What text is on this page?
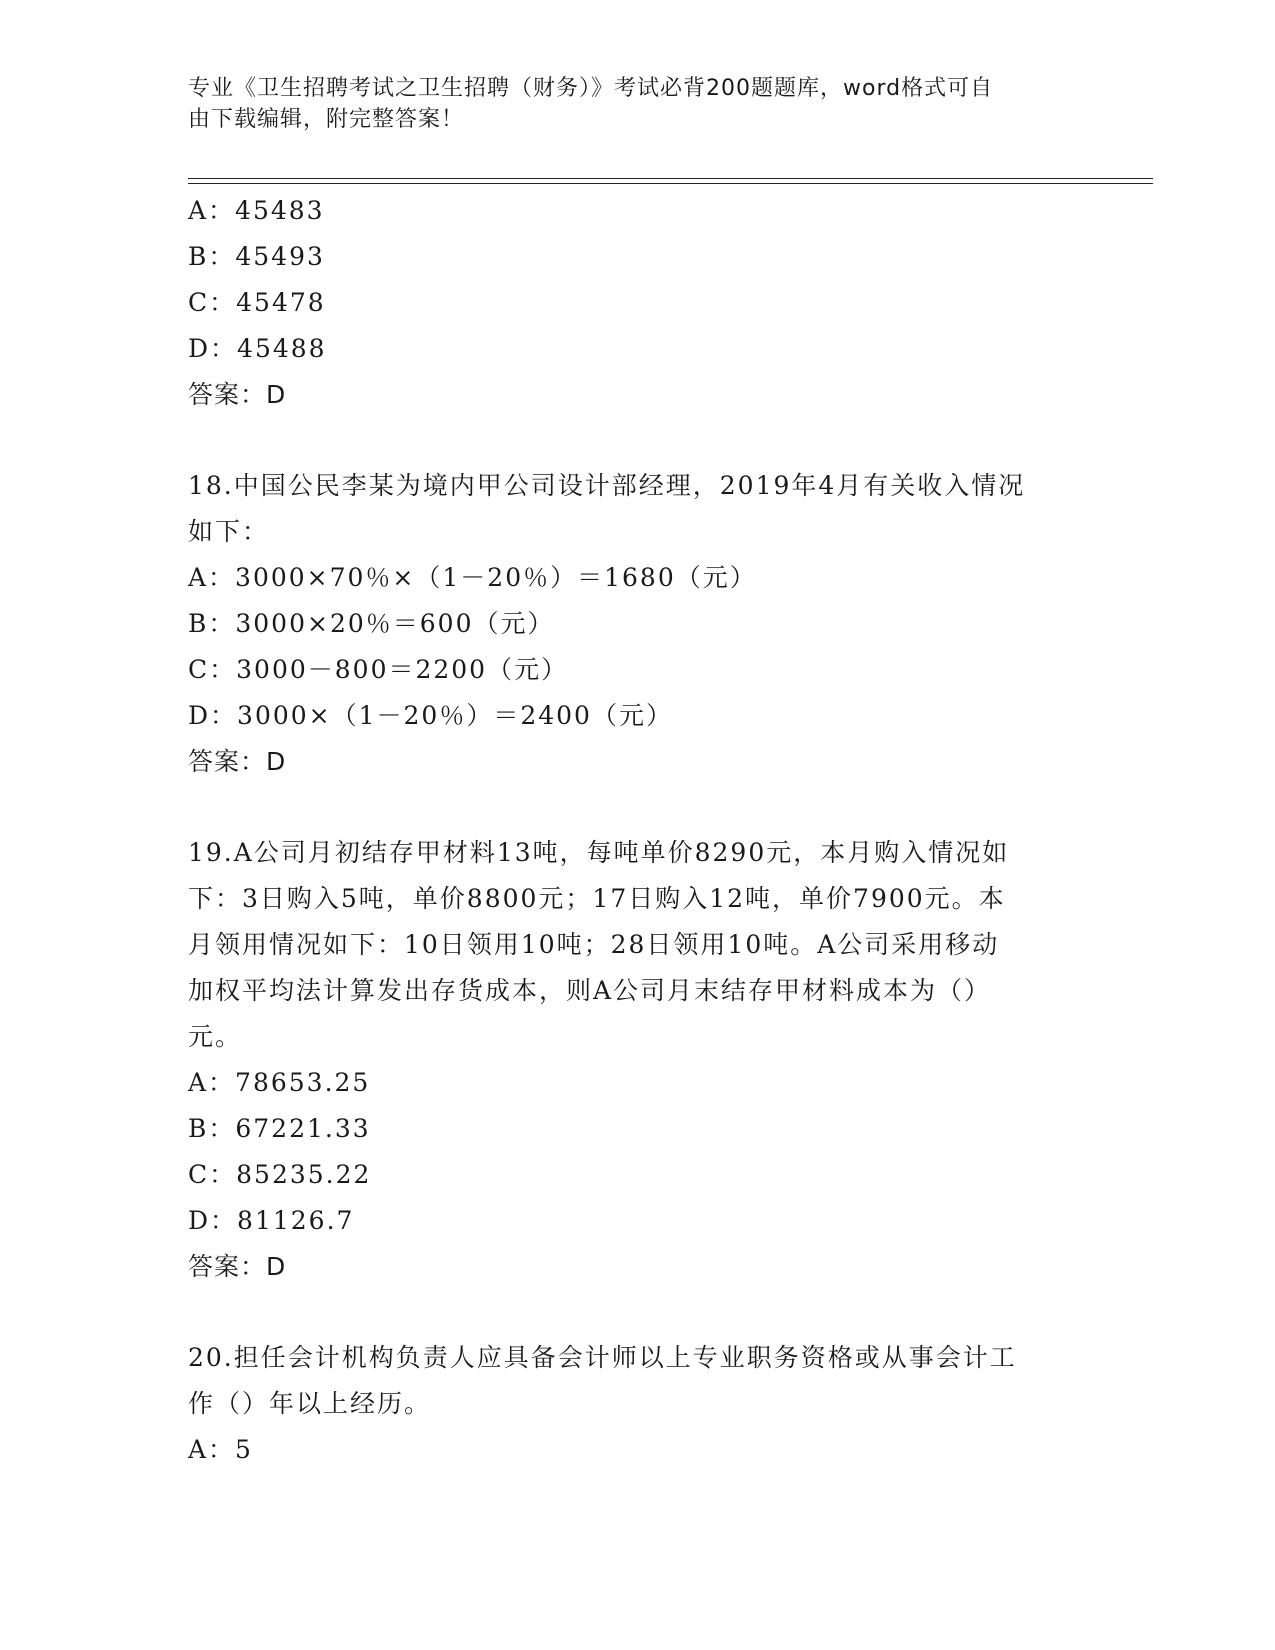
专业《卫生招聘考试之卫生招聘（财务）》考试必背200题题库，word格式可自
由下载编辑，附完整答案！
A：45483
B：45493
C：45478
D：45488
答案：D
18.中国公民李某为境内甲公司设计部经理，2019年4月有关收入情况
如下：
A：3000×70％×（1－20％）＝1680（元）
B：3000×20％＝600（元）
C：3000－800＝2200（元）
D：3000×（1－20％）＝2400（元）
答案：D
19.A公司月初结存甲材料13吨，每吨单价8290元，本月购入情况如
下：3日购入5吨，单价8800元；17日购入12吨，单价7900元。本
月领用情况如下：10日领用10吨；28日领用10吨。A公司采用移动
加权平均法计算发出存货成本，则A公司月末结存甲材料成本为（）
元。
A：78653.25
B：67221.33
C：85235.22
D：81126.7
答案：D
20.担任会计机构负责人应具备会计师以上专业职务资格或从事会计工
作（）年以上经历。
A：5
